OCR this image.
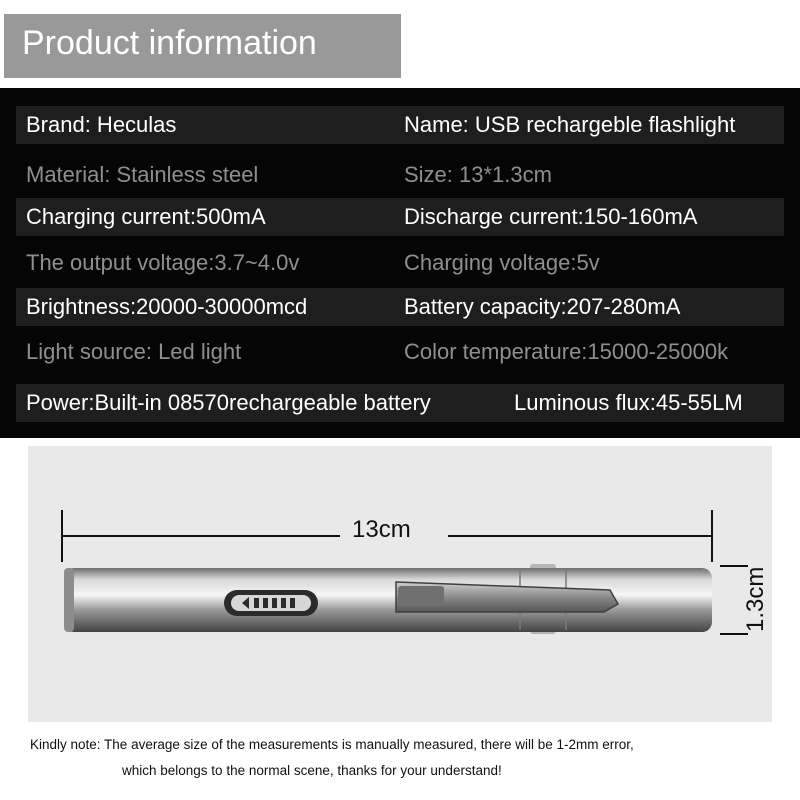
Product information
Brand: Heculas	Name: USB rechargeble flashlight
Material: Stainless steel	Size: 13*1.3cm
Charging current:500mA	Discharge current:150-160mA
The output voltage:3.7~4.0v	Charging voltage:5v
Brightness:20000-30000mcd	Battery capacity:207-280mA
Light source: Led light	Color temperature:15000-25000k
Power:Built-in 08570rechargeable battery	Luminous flux:45-55LM
13cm
1.3cm
Kindly note: The average size of the measurements is manually measured, there will be 1-2mm error,
which belongs to the normal scene, thanks for your understand!
